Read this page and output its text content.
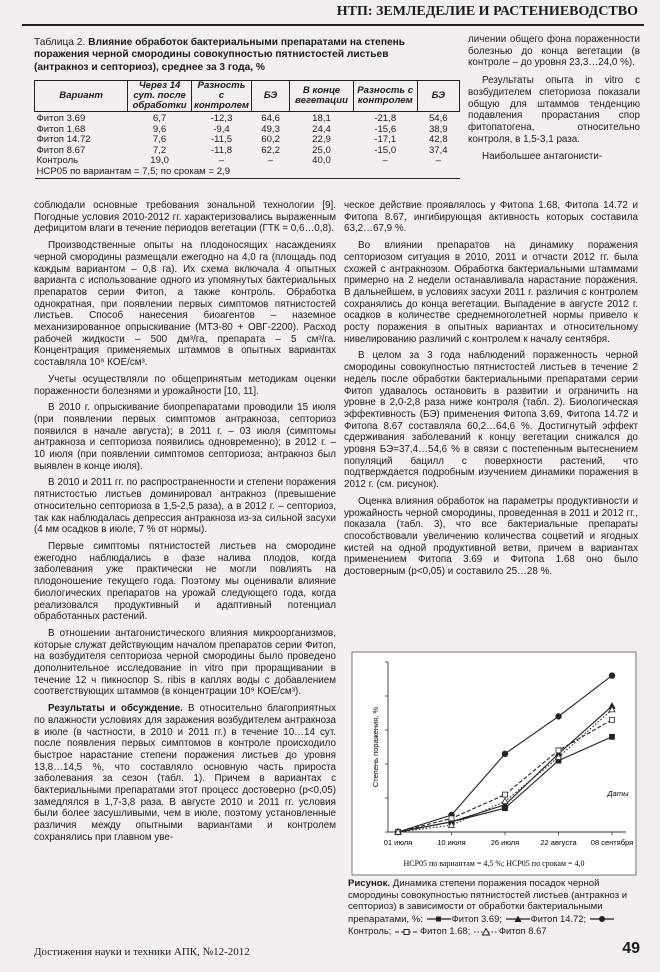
НТП: ЗЕМЛЕДЕЛИЕ И РАСТЕНИЕВОДСТВО
Таблица 2. Влияние обработок бактериальными препаратами на степень поражения черной смородины совокупностью пятнистостей листьев (антракноз и септориоз), среднее за 3 года, %
Вариант	Через 14 сут. после обработки	Разность с контролем	БЭ	В конце вегетации	Разность с контролем	БЭ
Фитоп 3.69	6,7	-12,3	64,6	18,1	-21,8	54,6
Фитоп 1.68	9,6	-9,4	49,3	24,4	-15,6	38,9
Фитоп 14.72	7,6	-11,5	60,2	22,9	-17,1	42,8
Фитоп 8.67	7,2	-11,8	62,2	25,0	-15,0	37,4
Контроль	19,0	–	–	40,0	–	–
НСР05 по вариантам = 7,5; по срокам = 2,9						

личении общего фона пораженности болезнью до конца вегетации (в контроле – до уровня 23,3…24,0 %).

Результаты опыта in vitro с возбудителем спеториоза показали общую для штаммов тенденцию подавления прорастания спор фитопатогена, относительно контроля, в 1,5-3,1 раза.

Наибольшее антагонисти-

соблюдали основные требования зональной технологии [9]. Погодные условия 2010-2012 гг. характеризовались выраженным дефицитом влаги в течение периодов вегетации (ГТК = 0,6…0,8).

Производственные опыты на плодоносящих насаждениях черной смородины размещали ежегодно на 4,0 га (площадь под каждым вариантом – 0,8 га). Их схема включала 4 опытных варианта с использование одного из упомянутых бактериальных препаратов серии Фитоп, а также контроль. Обработка однократная, при появлении первых симптомов пятнистостей листьев. Способ нанесения биоагентов – наземное механизированное опрыскивание (МТЗ-80 + ОВГ-2200). Расход рабочей жидкости – 500 дм³/га, препарата – 5 см³/га. Концентрация применяемых штаммов в опытных вариантах составляла 10⁹ КОЕ/см³.

Учеты осуществляли по общепринятым методикам оценки пораженности болезнями и урожайности [10, 11].

В 2010 г. опрыскивание биопрепаратами проводили 15 июля (при появлении первых симптомов антракноза, септориоз появился в начале августа); в 2011 г. – 03 июля (симптомы антракноза и септориоза появились одновременно); в 2012 г. – 10 июля (при появлении симптомов септориоза; антракноз был выявлен в конце июля).

В 2010 и 2011 гг. по распространенности и степени поражения пятнистостью листьев доминировал антракноз (превышение относительно септориоза в 1,5-2,5 раза), а в 2012 г. – септориоз, так как наблюдалась депрессия антракноза из-за сильной засухи (4 мм осадков в июле, 7 % от нормы).

Первые симптомы пятнистостей листьев на смородине ежегодно наблюдались в фазе налива плодов, когда заболевания уже практически не могли повлиять на плодоношение текущего года. Поэтому мы оценивали влияние биологических препаратов на урожай следующего года, когда реализовался продуктивный и адаптивный потенциал обработанных растений.

В отношении антагонистического влияния микроорганизмов, которые служат действующим началом препаратов серии Фитоп, на возбудителя септориоза черной смородины было проведено дополнительное исследование in vitro при проращивании в течение 12 ч пикноспор S. ribis в каплях воды с добавлением соответствующих штаммов (в концентрации 10⁹ КОЕ/см³).

Результаты и обсуждение. В относительно благоприятных по влажности условиях для заражения возбудителем антракноза в июле (в частности, в 2010 и 2011 гг.) в течение 10…14 сут. после появления первых симптомов в контроле происходило быстрое нарастание степени поражения листьев до уровня 13,8…14,5 %, что составляло основную часть прироста заболевания за сезон (табл. 1). Причем в вариантах с бактериальными препаратами этот процесс достоверно (p<0,05) замедлялся в 1,7-3,8 раза. В августе 2010 и 2011 гг. условия были более засушливыми, чем в июле, поэтому установленные различия между опытными вариантами и контролем сохранялись при главном уве-

ческое действие проявлялось у Фитопа 1.68, Фитопа 14.72 и Фитопа 8.67, ингибирующая активность которых составила 63,2…67,9 %.

Во влиянии препаратов на динамику поражения септориозом ситуация в 2010, 2011 и отчасти 2012 гг. была схожей с антракнозом. Обработка бактериальными штаммами примерно на 2 недели останавливала нарастание поражения. В дальнейшем, в условиях засухи 2011 г. различия с контролем сохранялись до конца вегетации. Выпадение в августе 2012 г. осадков в количестве среднемноголетней нормы привело к росту поражения в опытных вариантах и относительному нивелированию различий с контролем к началу сентября.

В целом за 3 года наблюдений пораженность черной смородины совокупностью пятнистостей листьев в течение 2 недель после обработки бактериальными препаратами серии Фитоп удавалось остановить в развитии и ограничить на уровне в 2,0-2,8 раза ниже контроля (табл. 2). Биологическая эффективность (БЭ) применения Фитопа 3.69, Фитопа 14.72 и Фитопа 8.67 составляла 60,2…64,6 %. Достигнутый эффект сдерживания заболеваний к концу вегетации снижался до уровня БЭ=37,4…54,6 % в связи с постепенным вытеснением популяций бацилл с поверхности растений, что подтверждается подробным изучением динамики поражения в 2012 г. (см. рисунок).

Оценка влияния обработок на параметры продуктивности и урожайность черной смородины, проведенная в 2011 и 2012 гг., показала (табл. 3), что все бактериальные препараты способствовали увеличению количества соцветий и ягодных кистей на одной продуктивной ветви, причем в вариантах применением Фитопа 3.69 и Фитопа 1.68 оно было достоверным (p<0,05) и составило 25…28 %.

01 июля	10 июля	26 июля	22 августа 08 сентября
Степень поражения, %
Даты
НСР05 по вариантам = 4,5 %; НСР05 по срокам = 4,0
Рисунок. Динамика степени поражения посадок черной смородины совокупностью пятнистостей листьев (антракноз и септориоз) в зависимости от обработки бактериальными препаратами, %:	Фитоп 3.69;	Фитоп 14.72; Контроль;	Фитоп 1.68;	Фитоп 8.67
Достижения науки и техники АПК, №12-2012	49
